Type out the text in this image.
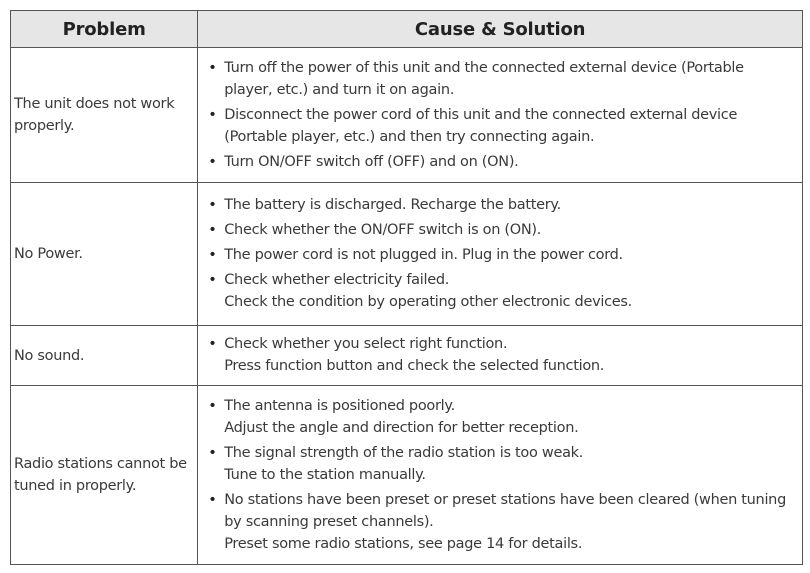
Problem	Cause & Solution
The unit does not work properly.	
• Turn off the power of this unit and the connected external device (Portable player, etc.) and turn it on again.
• Disconnect the power cord of this unit and the connected external device (Portable player, etc.) and then try connecting again.
• Turn ON/OFF switch off (OFF) and on (ON).

No Power.	
• The battery is discharged. Recharge the battery.
• Check whether the ON/OFF switch is on (ON).
• The power cord is not plugged in. Plug in the power cord.
• Check whether electricity failed.
Check the condition by operating other electronic devices.

No sound.	
• Check whether you select right function.
Press function button and check the selected function.

Radio stations cannot be tuned in properly.	
• The antenna is positioned poorly.
Adjust the angle and direction for better reception.
• The signal strength of the radio station is too weak.
Tune to the station manually.
• No stations have been preset or preset stations have been cleared (when tuning by scanning preset channels).
Preset some radio stations, see page 14 for details.
